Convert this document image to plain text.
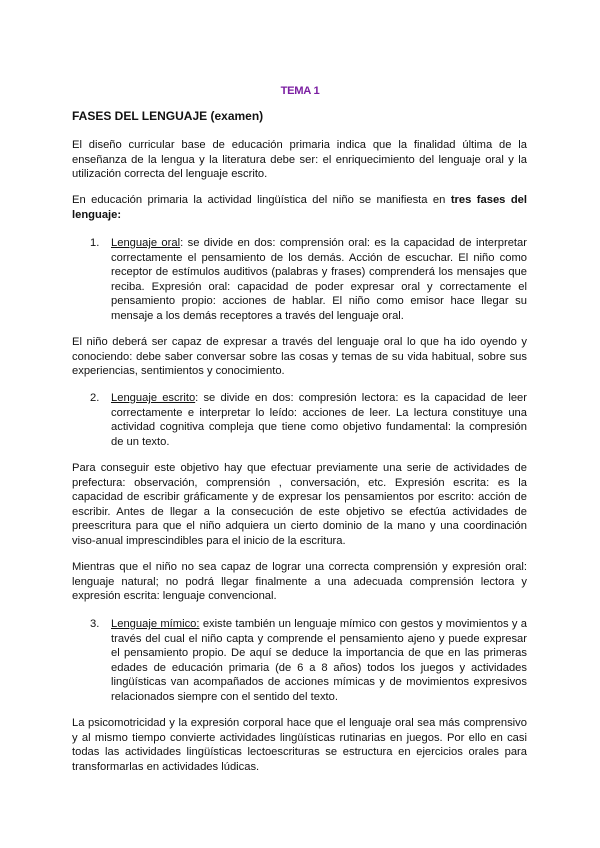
TEMA 1
FASES DEL LENGUAJE (examen)

El diseño curricular base de educación primaria indica que la finalidad última de la enseñanza de la lengua y la literatura debe ser: el enriquecimiento del lenguaje oral y la utilización correcta del lenguaje escrito.

En educación primaria la actividad lingüística del niño se manifiesta en tres fases del lenguaje:

1. Lenguaje oral: se divide en dos: comprensión oral: es la capacidad de interpretar correctamente el pensamiento de los demás. Acción de escuchar. El niño como receptor de estímulos auditivos (palabras y frases) comprenderá los mensajes que reciba. Expresión oral: capacidad de poder expresar oral y correctamente el pensamiento propio: acciones de hablar. El niño como emisor hace llegar su mensaje a los demás receptores a través del lenguaje oral.

El niño deberá ser capaz de expresar a través del lenguaje oral lo que ha ido oyendo y conociendo: debe saber conversar sobre las cosas y temas de su vida habitual, sobre sus experiencias, sentimientos y conocimiento.

2. Lenguaje escrito: se divide en dos: compresión lectora: es la capacidad de leer correctamente e interpretar lo leído: acciones de leer. La lectura constituye una actividad cognitiva compleja que tiene como objetivo fundamental: la compresión de un texto.

Para conseguir este objetivo hay que efectuar previamente una serie de actividades de prefectura: observación, comprensión , conversación, etc. Expresión escrita: es la capacidad de escribir gráficamente y de expresar los pensamientos por escrito: acción de escribir. Antes de llegar a la consecución de este objetivo se efectúa actividades de preescritura para que el niño adquiera un cierto dominio de la mano y una coordinación viso-anual imprescindibles para el inicio de la escritura.

Mientras que el niño no sea capaz de lograr una correcta comprensión y expresión oral: lenguaje natural; no podrá llegar finalmente a una adecuada comprensión lectora y expresión escrita: lenguaje convencional.

3. Lenguaje mímico: existe también un lenguaje mímico con gestos y movimientos y a través del cual el niño capta y comprende el pensamiento ajeno y puede expresar el pensamiento propio. De aquí se deduce la importancia de que en las primeras edades de educación primaria (de 6 a 8 años) todos los juegos y actividades lingüísticas van acompañados de acciones mímicas y de movimientos expresivos relacionados siempre con el sentido del texto.

La psicomotricidad y la expresión corporal hace que el lenguaje oral sea más comprensivo y al mismo tiempo convierte actividades lingüísticas rutinarias en juegos. Por ello en casi todas las actividades lingüísticas lectoescrituras se estructura en ejercicios orales para transformarlas en actividades lúdicas.
